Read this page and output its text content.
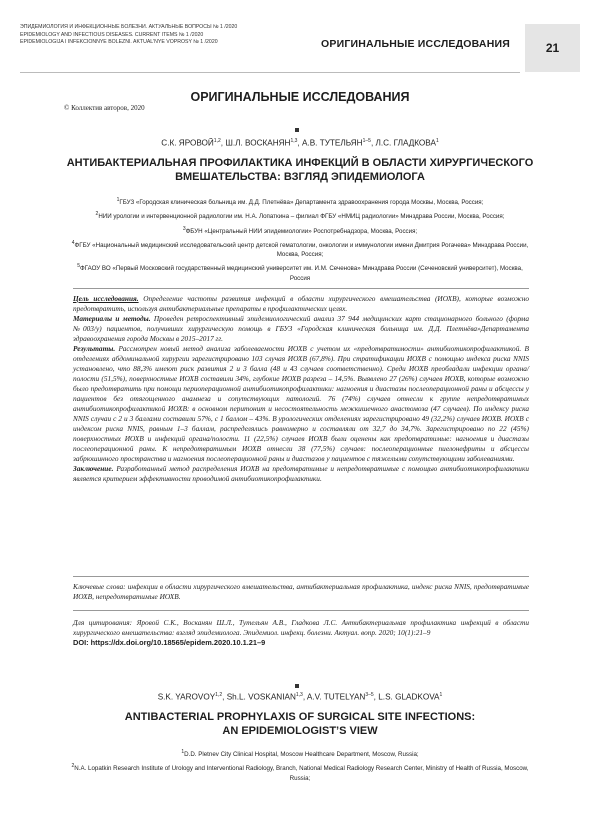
ЭПИДЕМИОЛОГИЯ И ИНФЕКЦИОННЫЕ БОЛЕЗНИ. АКТУАЛЬНЫЕ ВОПРОСЫ № 1 /2020
EPIDEMIOLOGY AND INFECTIOUS DISEASES. CURRENT ITEMS № 1 /2020
EPIDEMIOLOGIJA I INFEKCIONNYE BOLEZNI. AKTUAL'NYE VOPROSY № 1 /2020	ОРИГИНАЛЬНЫЕ ИССЛЕДОВАНИЯ	21
ОРИГИНАЛЬНЫЕ ИССЛЕДОВАНИЯ
© Коллектив авторов, 2020
С.К. ЯРОВОЙ$^{1,2}$, Ш.Л. ВОСКАНЯН$^{1,3}$, А.В. ТУТЕЛЬЯН$^{1-5}$, Л.С. ГЛАДКОВА$^1$
АНТИБАКТЕРИАЛЬНАЯ ПРОФИЛАКТИКА ИНФЕКЦИЙ В ОБЛАСТИ ХИРУРГИЧЕСКОГО
ВМЕШАТЕЛЬСТВА: ВЗГЛЯД ЭПИДЕМИОЛОГА

$^1$ГБУЗ «Городская клиническая больница им. Д.Д. Плетнёва» Департамента здравоохранения города Москвы, Москва, Россия;

$^2$НИИ урологии и интервенционной радиологии им. Н.А. Лопаткина – филиал ФГБУ «НМИЦ радиологии» Минздрава России, Москва, Россия;

$^3$ФБУН «Центральный НИИ эпидемиологии» Роспотребнадзора, Москва, Россия;

$^4$ФГБУ «Национальный медицинский исследовательский центр детской гематологии, онкологии и иммунологии имени Дмитрия Рогачева» Минздрава России, Москва, Россия;

$^5$ФГАОУ ВО «Первый Московский государственный медицинский университет им. И.М. Сеченова» Минздрава России (Сеченовский университет), Москва, Россия

Цель исследования. Определение частоты развития инфекций в области хирургического вмешательства (ИОХВ), которые возможно предотвратить, используя антибактериальные препараты в профилактических целях.

Материалы и методы. Проведен ретроспективный эпидемиологический анализ 37 944 медицинских карт стационарного больного (форма №003/у) пациентов, получивших хирургическую помощь в ГБУЗ «Городская клиническая больница им. Д.Д. Плетнёва»Департамента здравоохранения города Москвы в 2015–2017 гг.

Результаты. Рассмотрен новый метод анализа заболеваемости ИОХВ с учетом их «предотвратимости» антибиотикопрофилактикой. В отделениях абдоминальной хирургии зарегистрировано 103 случая ИОХВ (67,8%). При стратификации ИОХВ с помощью индекса риска NNIS установлено, что 88,3% имеют риск развития 2 и 3 балла (48 и 43 случаев соответственно). Среди ИОХВ преобладали инфекции органа/полости (51,5%), поверхностные ИОХВ составили 34%, глубокие ИОХВ разреза – 14,5%. Выявлено 27 (26%) случаев ИОХВ, которые возможно было предотвратить при помощи периоперационной антибиотикопрофилактики: нагноения и диастазы послеоперационной раны и абсцессы у пациентов без отягощенного анамнеза и сопутствующих патологий. 76 (74%) случаев отнесли к группе непредотвратимых антибиотикопрофилактикой ИОХВ: в основном перитонит и несостоятельность межкишечного анастомоза (47 случаев). По индексу риска NNIS случаи с 2 и 3 баллами составили 57%, с 1 баллом – 43%. В урологических отделениях зарегистрировано 49 (32,2%) случаев ИОХВ. ИОХВ с индексом риска NNIS, равным 1–3 баллам, распределялись равномерно и составляли от 32,7 до 34,7%. Зарегистрировано по 22 (45%) поверхностных ИОХВ и инфекций органа/полости. 11 (22,5%) случаев ИОХВ были оценены как предотвратимые: нагноения и диастазы послеоперационной раны. К непредотвратимым ИОХВ отнесли 38 (77,5%) случаев: послеоперационные пиелонефриты и абсцессы забрюшинного пространства и нагноения послеоперационной раны и диастазов у пациентов с тяжелыми сопутствующими заболеваниями.

Заключение. Разработанный метод распределения ИОХВ на предотвратимые и непредотвратимые с помощью антибиотикопрофилактики является критерием эффективности проводимой антибиотикопрофилактики.

Ключевые слова: инфекции в области хирургического вмешательства, антибактериальная профилактика, индекс риска NNIS, предотвратимые ИОХВ, непредотвратимые ИОХВ.
Для цитирования: Яровой С.К., Восканян Ш.Л., Тутельян А.В., Гладкова Л.С. Антибактериальная профилактика инфекций в области хирургического вмешательства: взгляд эпидемиолога. Эпидемиол. инфекц. болезни. Актуал. вопр. 2020; 10(1):21–9
DOI: https://dx.doi.org/10.18565/epidem.2020.10.1.21–9
S.K. YAROVOY$^{1,2}$, Sh.L. VOSKANIAN$^{1,3}$, A.V. TUTELYAN$^{3-5}$, L.S. GLADKOVA$^1$
ANTIBACTERIAL PROPHYLAXIS OF SURGICAL SITE INFECTIONS:
AN EPIDEMIOLOGIST’S VIEW

$^1$D.D. Pletnev City Clinical Hospital, Moscow Healthcare Department, Moscow, Russia;

$^2$N.A. Lopatkin Research Institute of Urology and Interventional Radiology, Branch, National Medical Radiology Research Center, Ministry of Health of Russia, Moscow, Russia;
